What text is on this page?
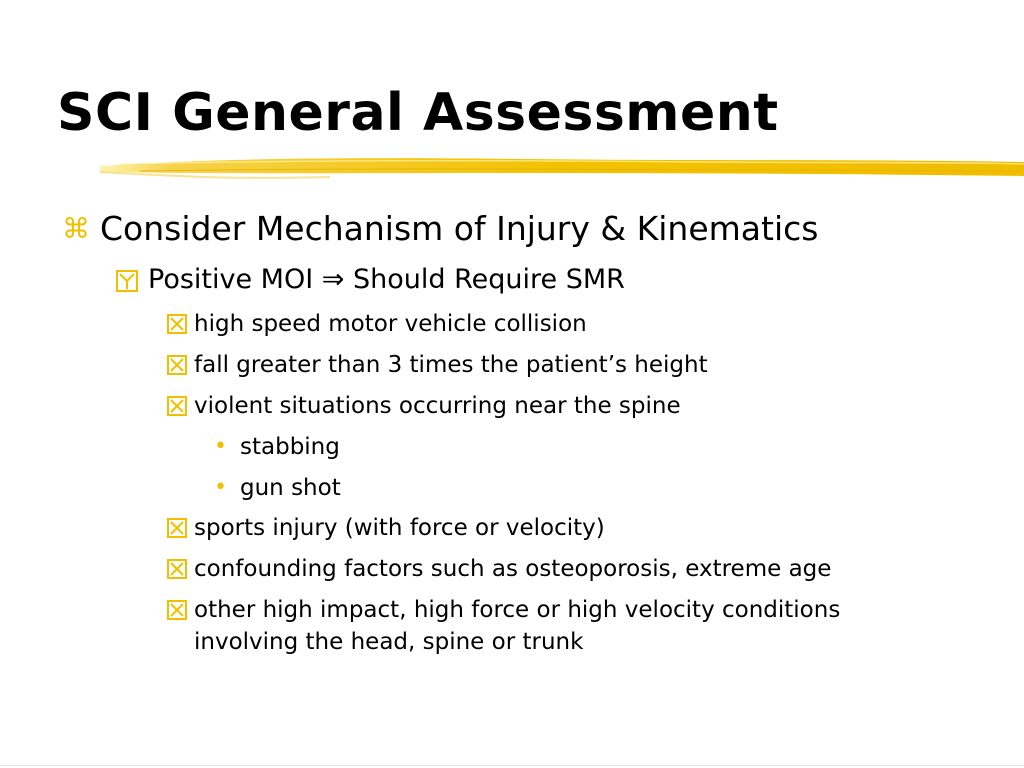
SCI General Assessment
⌘ Consider Mechanism of Injury & Kinematics
Positive MOI ⇒ Should Require SMR
high speed motor vehicle collision
fall greater than 3 times the patient’s height
violent situations occurring near the spine
• stabbing
• gun shot
sports injury (with force or velocity)
confounding factors such as osteoporosis, extreme age
other high impact, high force or high velocity conditions involving the head, spine or trunk
